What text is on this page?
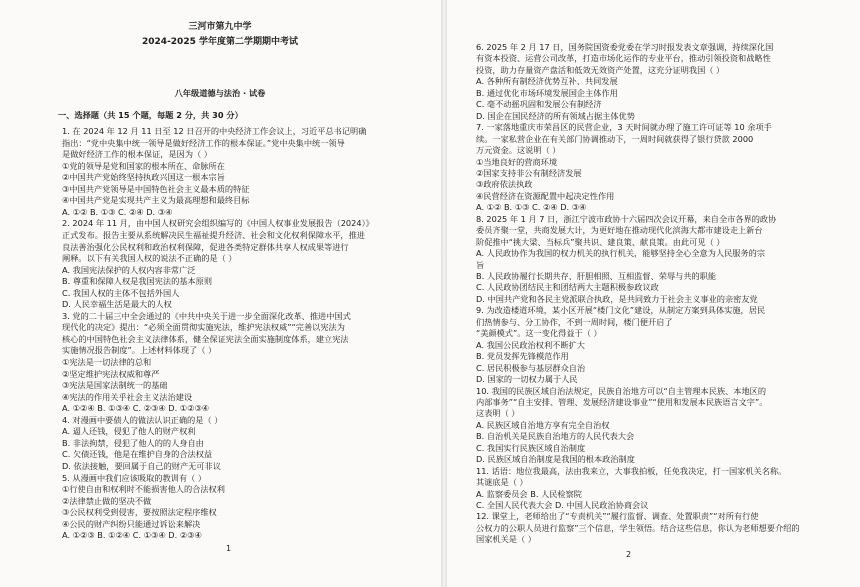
三河市第九中学
2024-2025 学年度第二学期期中考试
八年级道德与法治 · 试卷
一、选择题（共 15 个题，每题 2 分，共 30 分）
1. 在 2024 年 12 月 11 日至 12 日召开的中央经济工作会议上，习近平总书记明确
指出：“党中央集中统一领导是做好经济工作的根本保证。”党中央集中统一领导
是做好经济工作的根本保证，是因为（ ）
①党的领导是党和国家的根本所在、命脉所在
②中国共产党始终坚持执政兴国这一根本宗旨
③中国共产党领导是中国特色社会主义最本质的特征
④中国共产党是实现共产主义为最高理想和最终目标
A. ①② B. ①③ C. ②④ D. ③④
2. 2024 年 11 月，由中国人权研究会组织编写的《中国人权事业发展报告（2024）》
正式发布。报告主要从系统解决民生福祉提升经济、社会和文化权利保障水平，推进
良法善治强化公民权利和政治权利保障，促进各类特定群体共享人权成果等进行
阐释。以下有关我国人权的说法不正确的是（ ）
A. 我国宪法保护的人权内容非常广泛
B. 尊重和保障人权是我国宪法的基本原则
C. 我国人权的主体不包括外国人
D. 人民幸福生活是最大的人权
3. 党的二十届三中全会通过的《中共中央关于进一步全面深化改革、推进中国式
现代化的决定》提出：“必须全面贯彻实施宪法，维护宪法权威”“完善以宪法为
核心的中国特色社会主义法律体系，健全保证宪法全面实施制度体系，建立宪法
实施情况报告制度”。上述材料体现了（ ）
①宪法是一切法律的总和
②坚定维护宪法权威和尊严
③宪法是国家法制统一的基础
④宪法的作用关乎社会主义法治建设
A. ①②④ B. ①③④ C. ②③④ D. ①②③④
4. 对漫画中要债人的做法认识正确的是（ ）
A. 逼人还钱，侵犯了他人的财产权利
B. 非法拘禁，侵犯了他人的的人身自由
C. 欠债还钱，他是在维护自身的合法权益
D. 依法接触，要回属于自己的财产无可非议
5. 从漫画中我们应该吸取的教训有（ ）
①行使自由和权利时不能损害他人的合法权利
②法律禁止做的坚决不做
③公民权利受到侵害，要按照法定程序维权
④公民的财产纠纷只能通过诉讼来解决
A. ①②③ B. ①②④ C. ①③④ D. ②③④
1
6. 2025 年 2 月 17 日，国务院国资委党委在学习时报发表文章强调，持续深化国
有资本投资、运营公司改革，打造市场化运作的专业平台，推动引领投资和战略性
投资，助力存量资产盘活和低效无效资产处置，这充分证明我国（ ）
A. 各种所有制经济优势互补、共同发展
B. 通过优化市场环境发展国企主体作用
C. 毫不动摇巩固和发展公有制经济
D. 国企在国民经济的所有领域占据主体优势
7. 一家落地重庆市荣昌区的民营企业，3 天时间就办理了施工许可证等 10 余项手
续。一家私营企业在有关部门协调推动下，一周时间就获得了银行贷款 2000
万元资金。这说明（ ）
①当地良好的营商环境
②国家支持非公有制经济发展
③政府依法执政
④民营经济在资源配置中起决定性作用
A. ①② B. ①③ C. ②④ D. ③④
8. 2025 年 1 月 7 日，浙江宁波市政协十六届四次会议开幕，来自全市各界的政协
委员齐聚一堂，共商发展大计，为更好地在推动现代化滨海大都市建设走上新台
阶促推中“挑大梁、当标兵”聚共识、建良策、献良策。由此可见（ ）
A. 人民政协作为我国的权力机关的执行机关，能够坚持全心全意为人民服务的宗
旨
B. 人民政协履行长期共存、肝胆相照、互相监督、荣辱与共的职能
C. 人民政协团结民主和团结两大主题积极参政议政
D. 中国共产党和各民主党派联合执政，是共同致力于社会主义事业的亲密友党
9. 为改造楼道环境，某小区开展“楼门文化”建设，从制定方案到具体实施，居民
们热情参与、分工协作，不到一周时间，楼门便开启了
“美颜模式”。这一变化得益于（ ）
A. 我国公民政治权利不断扩大
B. 党员发挥先锋模范作用
C. 居民积极参与基层群众自治
D. 国家的一切权力属于人民
10. 我国的民族区域自治法规定，民族自治地方可以“自主管理本民族、本地区的
内部事务”“自主安排、管理、发展经济建设事业”“使用和发展本民族语言文字”。
这表明（ ）
A. 民族区域自治地方享有完全自治权
B. 自治机关是民族自治地方的人民代表大会
C. 我国实行民族区域自治制度
D. 民族区域自治制度是我国的根本政治制度
11. 话语：地位我最高，法由我来立，大事我拍板，任免我决定，打一国家机关名称。
其谜底是（ ）
A. 监察委员会 B. 人民检察院
C. 全国人民代表大会 D. 中国人民政治协商会议
12. 课堂上，老师给出了“专责机关”“履行监督、调查、处置职责”“对所有行使
公权力的公职人员进行监察”三个信息，学生领悟。结合这些信息，你认为老师想要介绍的
国家机关是（ ）
2
